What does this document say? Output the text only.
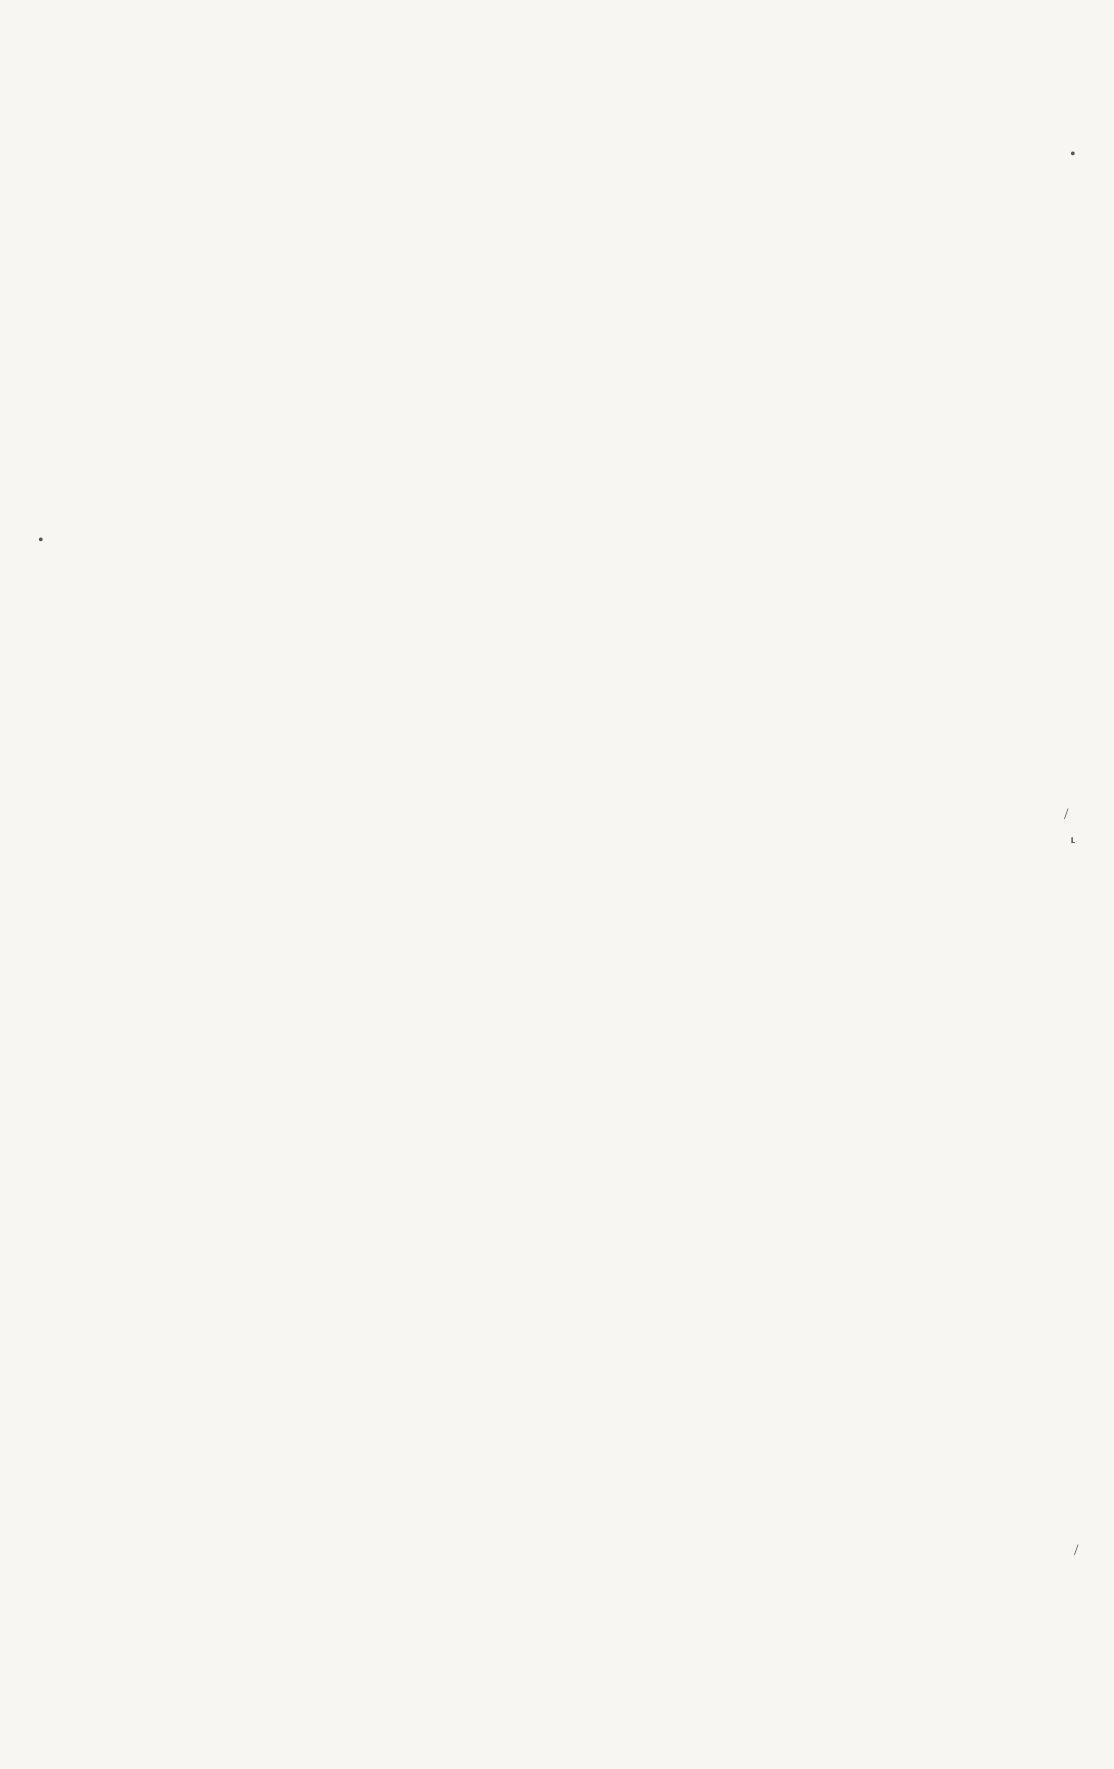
•
•
/
⸤
/
